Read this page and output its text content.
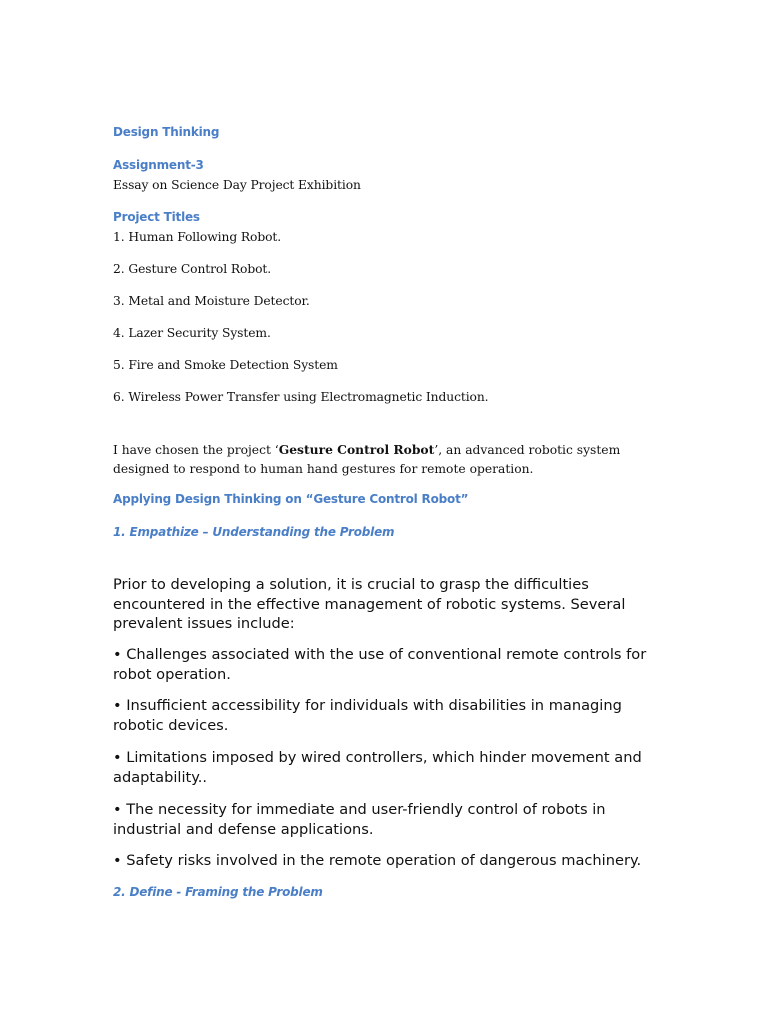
Design Thinking
Assignment-3
Essay on Science Day Project Exhibition
Project Titles
1. Human Following Robot.
2. Gesture Control Robot.
3. Metal and Moisture Detector.
4. Lazer Security System.
5. Fire and Smoke Detection System
6. Wireless Power Transfer using Electromagnetic Induction.
I have chosen the project ‘Gesture Control Robot’, an advanced robotic system designed to respond to human hand gestures for remote operation.
Applying Design Thinking on “Gesture Control Robot”
1. Empathize – Understanding the Problem
Prior to developing a solution, it is crucial to grasp the difficulties encountered in the effective management of robotic systems. Several prevalent issues include:
• Challenges associated with the use of conventional remote controls for robot operation.
• Insufficient accessibility for individuals with disabilities in managing robotic devices.
• Limitations imposed by wired controllers, which hinder movement and adaptability..
• The necessity for immediate and user-friendly control of robots in industrial and defense applications.
• Safety risks involved in the remote operation of dangerous machinery.
2. Define - Framing the Problem
